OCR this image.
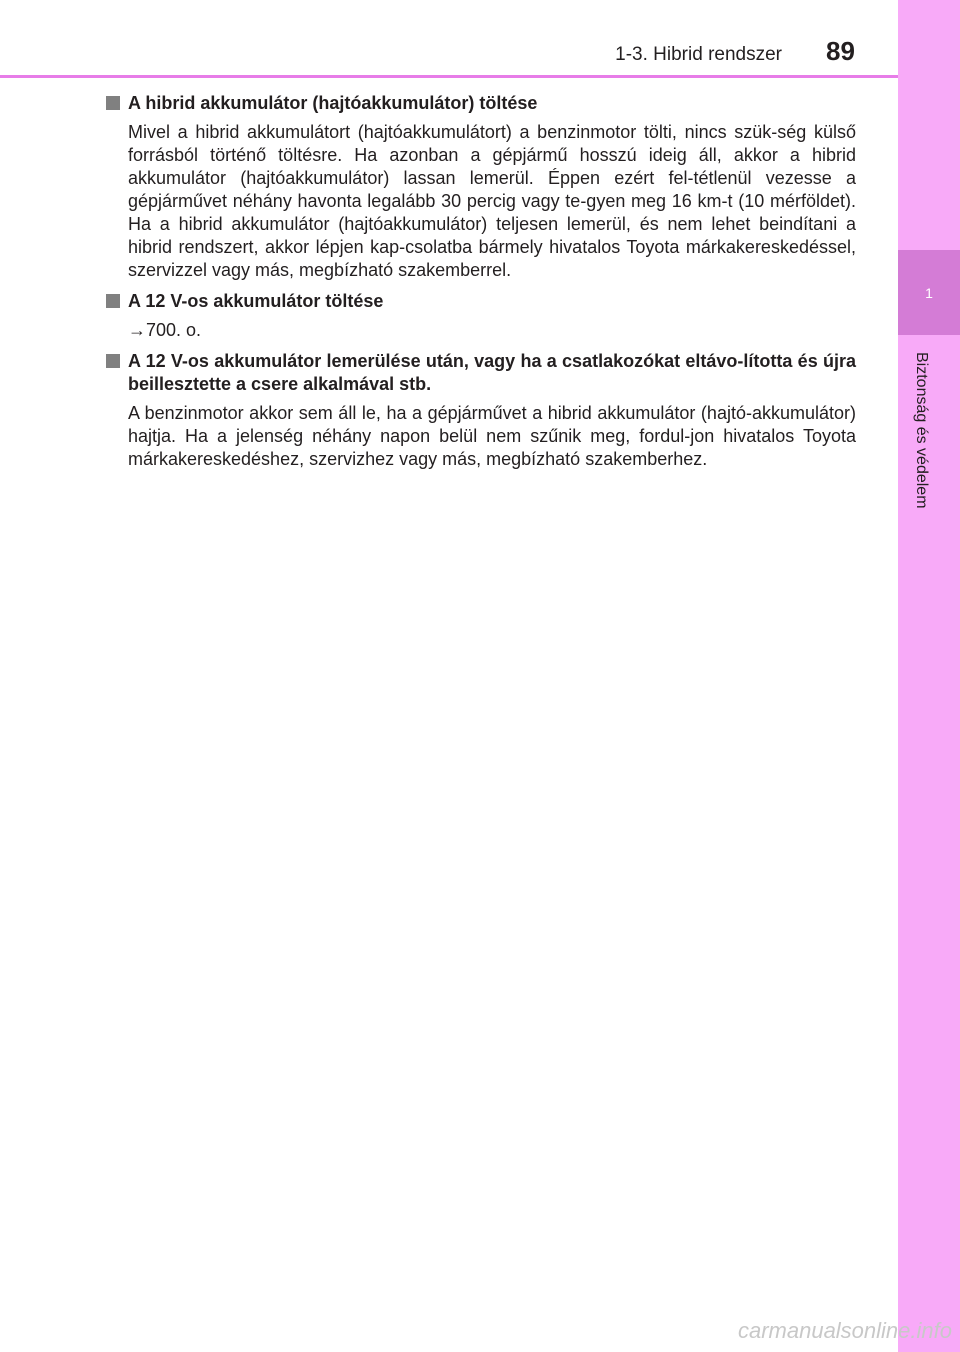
1-3. Hibrid rendszer 89
1
Biztonság és védelem
A hibrid akkumulátor (hajtóakkumulátor) töltése
Mivel a hibrid akkumulátort (hajtóakkumulátort) a benzinmotor tölti, nincs szük-ség külső forrásból történő töltésre. Ha azonban a gépjármű hosszú ideig áll, akkor a hibrid akkumulátor (hajtóakkumulátor) lassan lemerül. Éppen ezért fel-tétlenül vezesse a gépjárművet néhány havonta legalább 30 percig vagy te-gyen meg 16 km-t (10 mérföldet). Ha a hibrid akkumulátor (hajtóakkumulátor) teljesen lemerül, és nem lehet beindítani a hibrid rendszert, akkor lépjen kap-csolatba bármely hivatalos Toyota márkakereskedéssel, szervizzel vagy más, megbízható szakemberrel.
A 12 V-os akkumulátor töltése
→700. o.
A 12 V-os akkumulátor lemerülése után, vagy ha a csatlakozókat eltávo-lította és újra beillesztette a csere alkalmával stb.
A benzinmotor akkor sem áll le, ha a gépjárművet a hibrid akkumulátor (hajtó-akkumulátor) hajtja. Ha a jelenség néhány napon belül nem szűnik meg, fordul-jon hivatalos Toyota márkakereskedéshez, szervizhez vagy más, megbízható szakemberhez.
carmanualsonline.info
